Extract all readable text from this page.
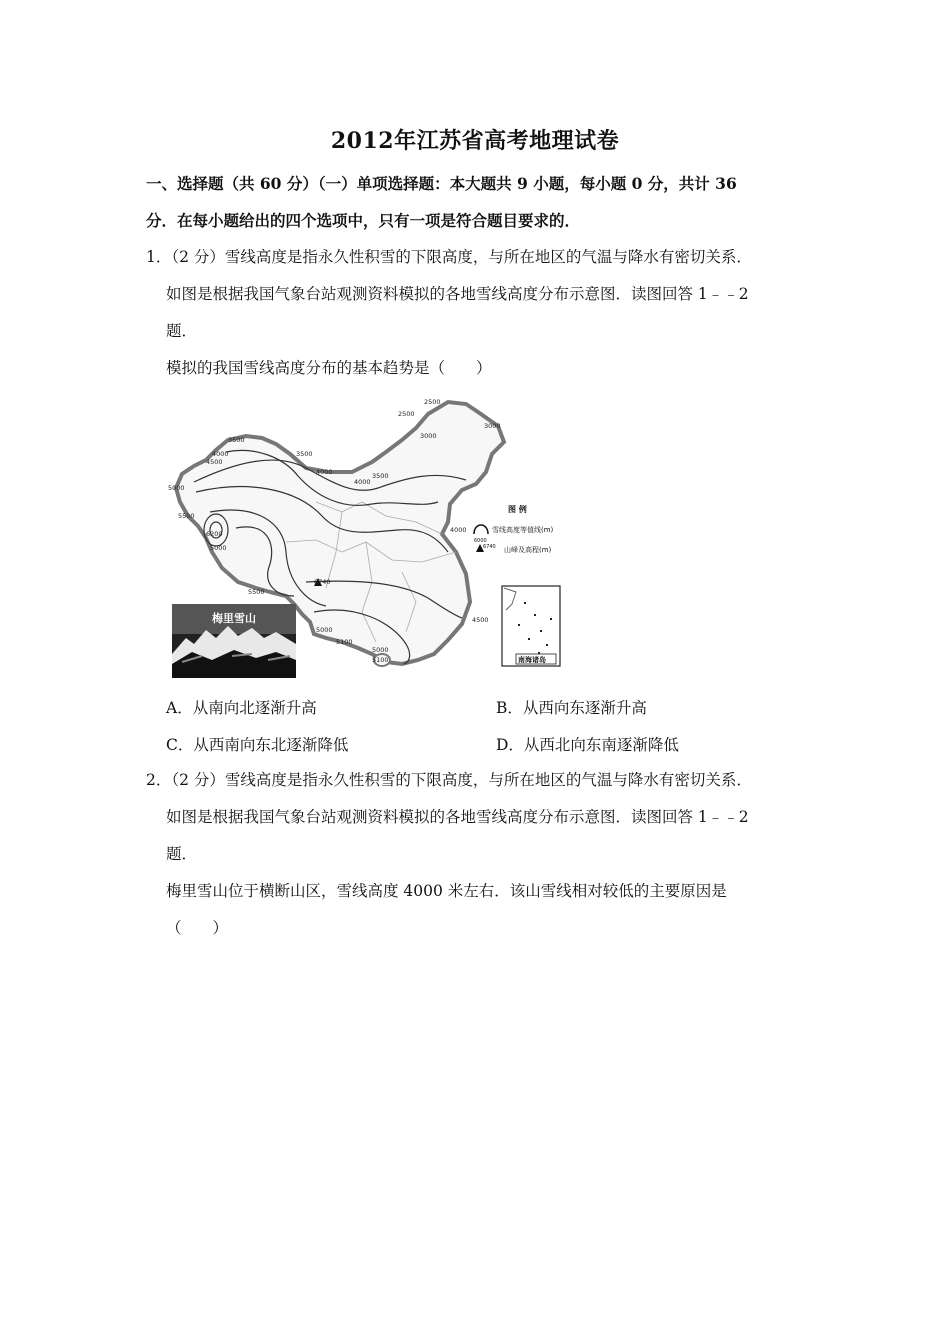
2012年江苏省高考地理试卷
一、选择题（共 60 分）（一）单项选择题：本大题共 9 小题，每小题 0 分，共计 36
分．在每小题给出的四个选项中，只有一项是符合题目要求的．
1．（2 分）雪线高度是指永久性积雪的下限高度，与所在地区的气温与降水有密切关系．
如图是根据我国气象台站观测资料模拟的各地雪线高度分布示意图．读图回答 1﹣﹣2
题．
模拟的我国雪线高度分布的基本趋势是（　　）
2500
2500
3000
3000
3500
4000
4500
3500
3500
4000
4000
5000
5500
6200
5000
5500
6740
5000
5100
5000
5100
4000
4500
图 例
6000
雪线高度等值线(m)
6740 山峰及高程(m)
南海诸岛
梅里雪山
A．从南向北逐渐升高	B．从西向东逐渐升高
C．从西南向东北逐渐降低	D．从西北向东南逐渐降低
2．（2 分）雪线高度是指永久性积雪的下限高度，与所在地区的气温与降水有密切关系．
如图是根据我国气象台站观测资料模拟的各地雪线高度分布示意图．读图回答 1﹣﹣2
题．
梅里雪山位于横断山区，雪线高度 4000 米左右．该山雪线相对较低的主要原因是
（　　）
